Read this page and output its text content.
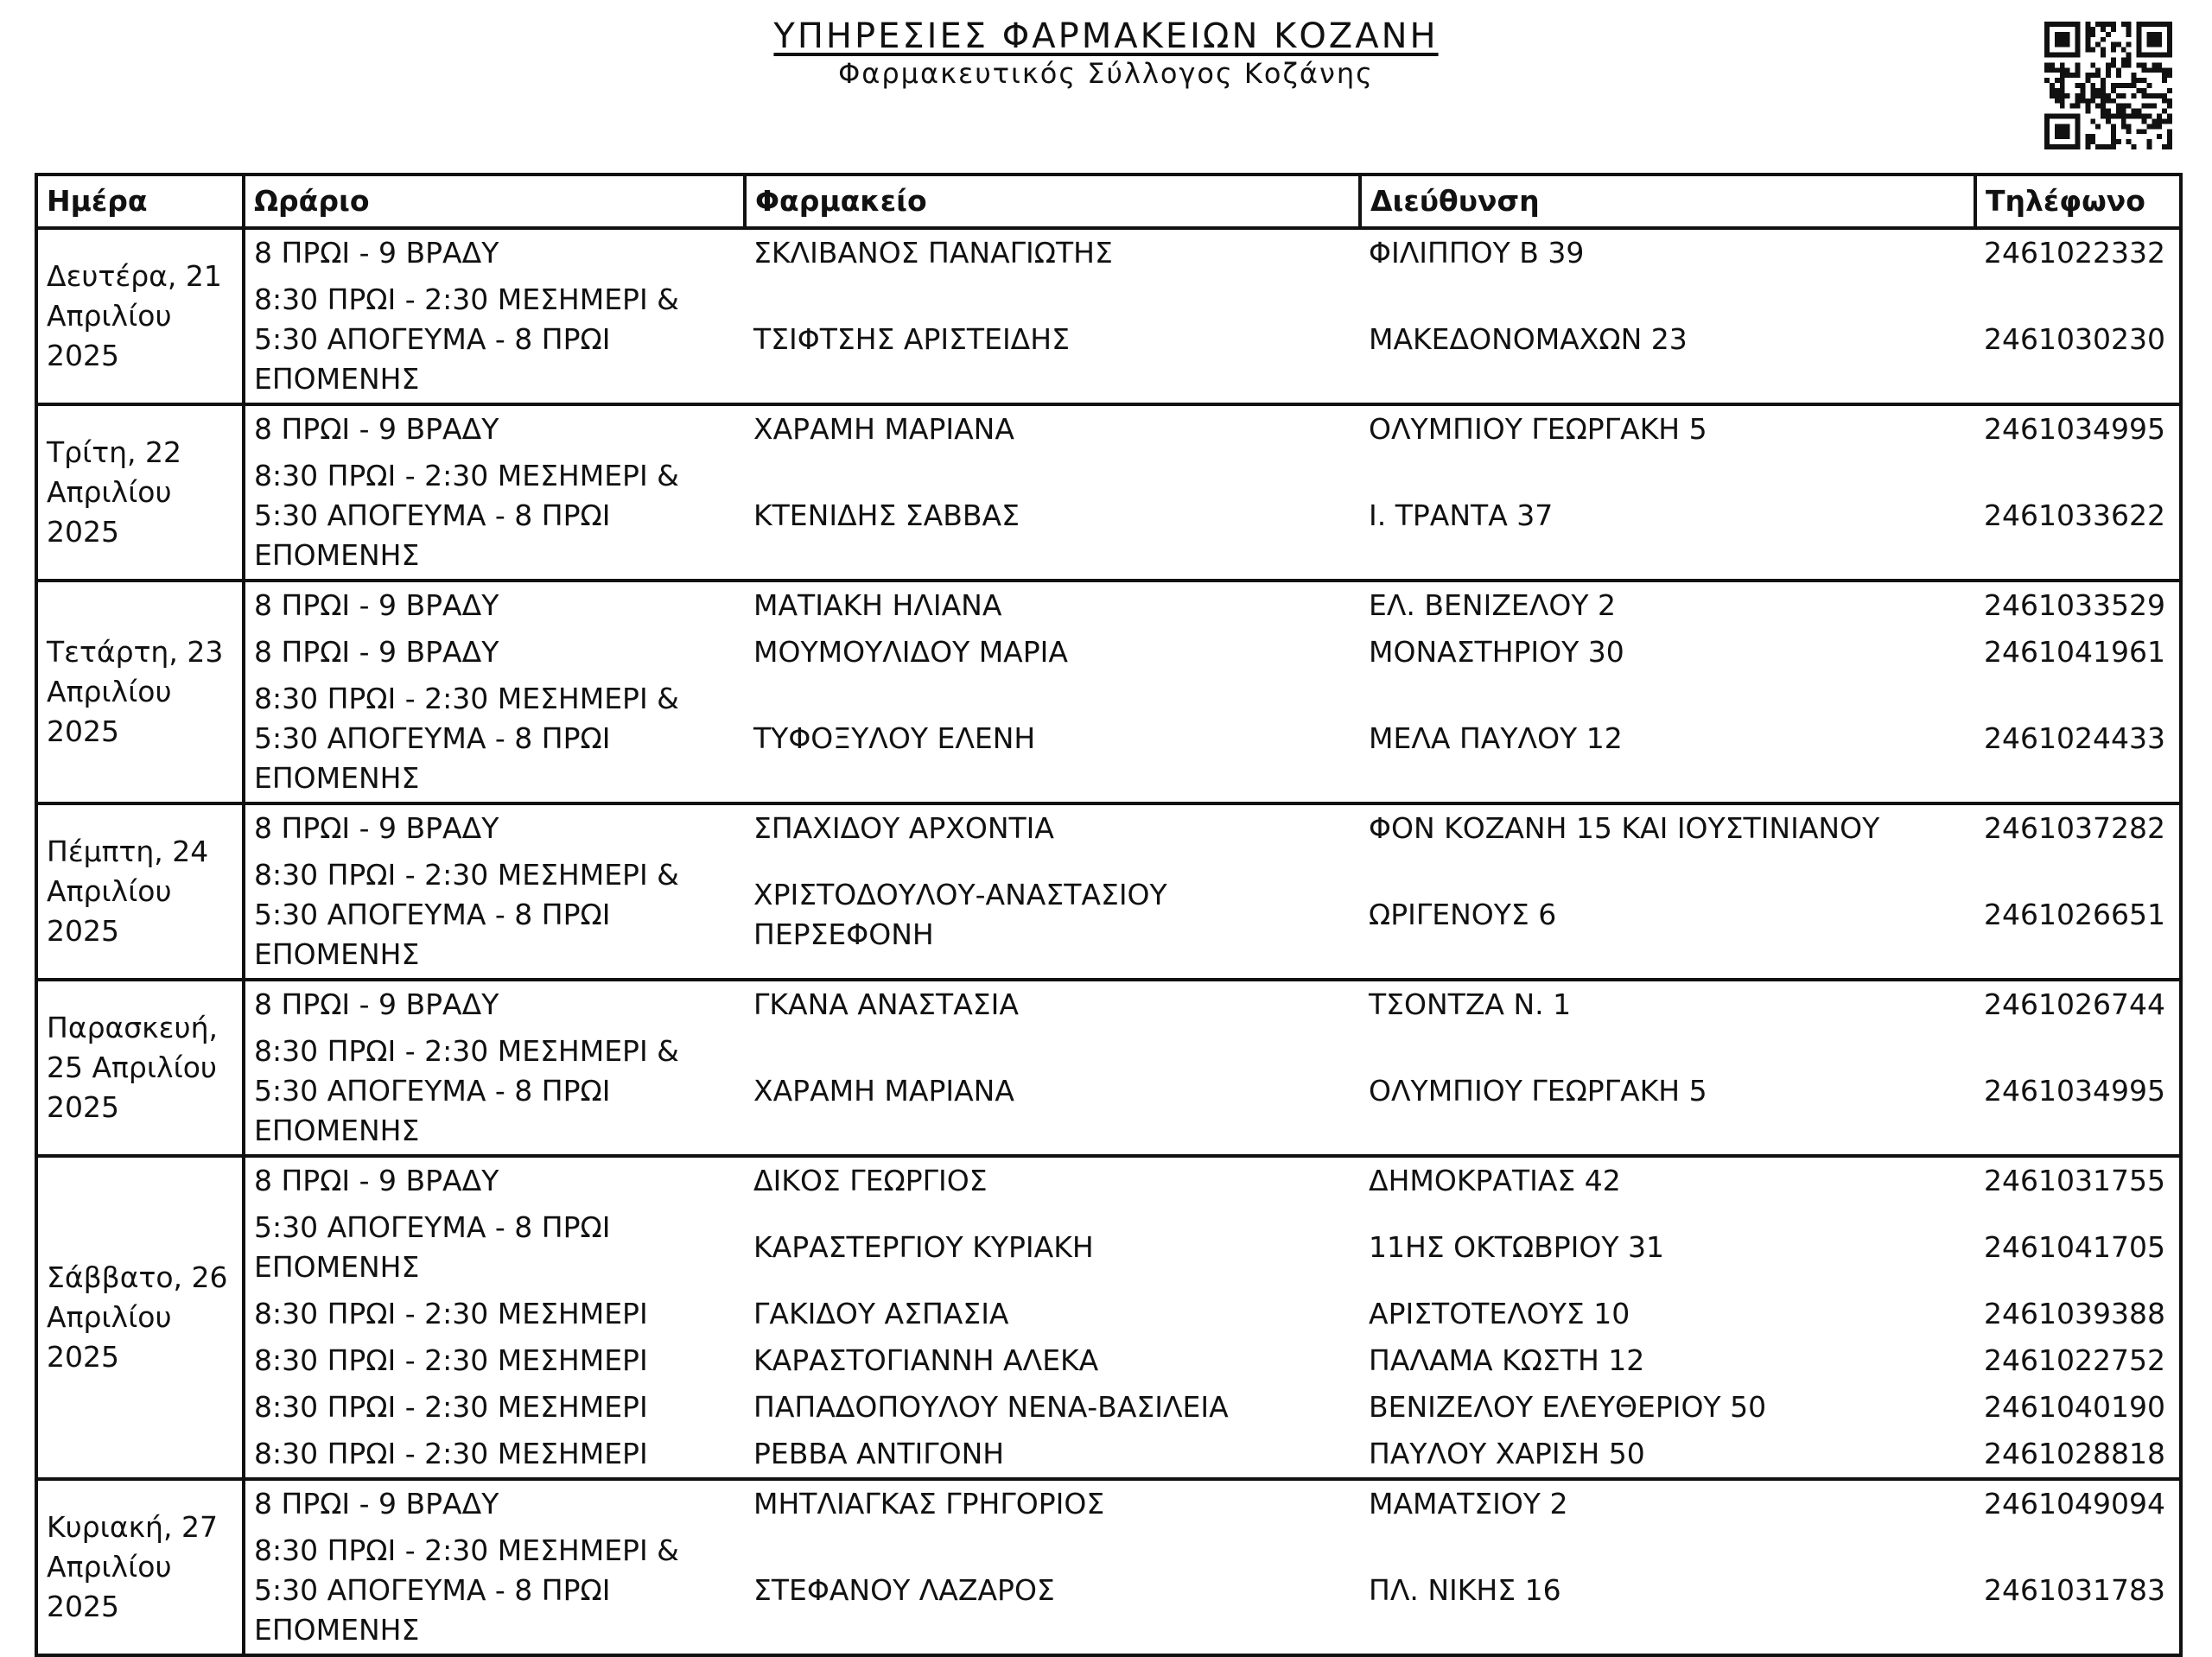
ΥΠΗΡΕΣΙΕΣ ΦΑΡΜΑΚΕΙΩΝ ΚΟΖΑΝΗ
Φαρμακευτικός Σύλλογος Κοζάνης
Ημέρα	Ωράριο	Φαρμακείο	Διεύθυνση	Τηλέφωνο
Δευτέρα, 21 Απριλίου 2025	8 ΠΡΩΙ - 9 ΒΡΑΔΥ	ΣΚΛΙΒΑΝΟΣ ΠΑΝΑΓΙΩΤΗΣ	ΦΙΛΙΠΠΟΥ Β 39	2461022332
	8:30 ΠΡΩΙ - 2:30 ΜΕΣΗΜΕΡΙ & 5:30 ΑΠΟΓΕΥΜΑ - 8 ΠΡΩΙ ΕΠΟΜΕΝΗΣ	ΤΣΙΦΤΣΗΣ ΑΡΙΣΤΕΙΔΗΣ	ΜΑΚΕΔΟΝΟΜΑΧΩΝ 23	2461030230
Τρίτη, 22 Απριλίου 2025	8 ΠΡΩΙ - 9 ΒΡΑΔΥ	ΧΑΡΑΜΗ ΜΑΡΙΑΝΑ	ΟΛΥΜΠΙΟΥ ΓΕΩΡΓΑΚΗ 5	2461034995
	8:30 ΠΡΩΙ - 2:30 ΜΕΣΗΜΕΡΙ & 5:30 ΑΠΟΓΕΥΜΑ - 8 ΠΡΩΙ ΕΠΟΜΕΝΗΣ	ΚΤΕΝΙΔΗΣ ΣΑΒΒΑΣ	Ι. ΤΡΑΝΤΑ 37	2461033622
Τετάρτη, 23 Απριλίου 2025	8 ΠΡΩΙ - 9 ΒΡΑΔΥ	ΜΑΤΙΑΚΗ ΗΛΙΑΝΑ	ΕΛ. ΒΕΝΙΖΕΛΟΥ 2	2461033529
	8 ΠΡΩΙ - 9 ΒΡΑΔΥ	ΜΟΥΜΟΥΛΙΔΟΥ ΜΑΡΙΑ	ΜΟΝΑΣΤΗΡΙΟΥ 30	2461041961
	8:30 ΠΡΩΙ - 2:30 ΜΕΣΗΜΕΡΙ & 5:30 ΑΠΟΓΕΥΜΑ - 8 ΠΡΩΙ ΕΠΟΜΕΝΗΣ	ΤΥΦΟΞΥΛΟΥ ΕΛΕΝΗ	ΜΕΛΑ ΠΑΥΛΟΥ 12	2461024433
Πέμπτη, 24 Απριλίου 2025	8 ΠΡΩΙ - 9 ΒΡΑΔΥ	ΣΠΑΧΙΔΟΥ ΑΡΧΟΝΤΙΑ	ΦΟΝ ΚΟΖΑΝΗ 15 ΚΑΙ ΙΟΥΣΤΙΝΙΑΝΟΥ	2461037282
	8:30 ΠΡΩΙ - 2:30 ΜΕΣΗΜΕΡΙ & 5:30 ΑΠΟΓΕΥΜΑ - 8 ΠΡΩΙ ΕΠΟΜΕΝΗΣ	ΧΡΙΣΤΟΔΟΥΛΟΥ-ΑΝΑΣΤΑΣΙΟΥ ΠΕΡΣΕΦΟΝΗ	ΩΡΙΓΕΝΟΥΣ 6	2461026651
Παρασκευή, 25 Απριλίου 2025	8 ΠΡΩΙ - 9 ΒΡΑΔΥ	ΓΚΑΝΑ ΑΝΑΣΤΑΣΙΑ	ΤΣΟΝΤΖΑ Ν. 1	2461026744
	8:30 ΠΡΩΙ - 2:30 ΜΕΣΗΜΕΡΙ & 5:30 ΑΠΟΓΕΥΜΑ - 8 ΠΡΩΙ ΕΠΟΜΕΝΗΣ	ΧΑΡΑΜΗ ΜΑΡΙΑΝΑ	ΟΛΥΜΠΙΟΥ ΓΕΩΡΓΑΚΗ 5	2461034995
Σάββατο, 26 Απριλίου 2025	8 ΠΡΩΙ - 9 ΒΡΑΔΥ	ΔΙΚΟΣ ΓΕΩΡΓΙΟΣ	ΔΗΜΟΚΡΑΤΙΑΣ 42	2461031755
	5:30 ΑΠΟΓΕΥΜΑ - 8 ΠΡΩΙ ΕΠΟΜΕΝΗΣ	ΚΑΡΑΣΤΕΡΓΙΟΥ ΚΥΡΙΑΚΗ	11ΗΣ ΟΚΤΩΒΡΙΟΥ 31	2461041705
	8:30 ΠΡΩΙ - 2:30 ΜΕΣΗΜΕΡΙ	ΓΑΚΙΔΟΥ ΑΣΠΑΣΙΑ	ΑΡΙΣΤΟΤΕΛΟΥΣ 10	2461039388
	8:30 ΠΡΩΙ - 2:30 ΜΕΣΗΜΕΡΙ	ΚΑΡΑΣΤΟΓΙΑΝΝΗ ΑΛΕΚΑ	ΠΑΛΑΜΑ ΚΩΣΤΗ 12	2461022752
	8:30 ΠΡΩΙ - 2:30 ΜΕΣΗΜΕΡΙ	ΠΑΠΑΔΟΠΟΥΛΟΥ ΝΕΝΑ-ΒΑΣΙΛΕΙΑ	ΒΕΝΙΖΕΛΟΥ ΕΛΕΥΘΕΡΙΟΥ 50	2461040190
	8:30 ΠΡΩΙ - 2:30 ΜΕΣΗΜΕΡΙ	ΡΕΒΒΑ ΑΝΤΙΓΟΝΗ	ΠΑΥΛΟΥ ΧΑΡΙΣΗ 50	2461028818
Κυριακή, 27 Απριλίου 2025	8 ΠΡΩΙ - 9 ΒΡΑΔΥ	ΜΗΤΛΙΑΓΚΑΣ ΓΡΗΓΟΡΙΟΣ	ΜΑΜΑΤΣΙΟΥ 2	2461049094
	8:30 ΠΡΩΙ - 2:30 ΜΕΣΗΜΕΡΙ & 5:30 ΑΠΟΓΕΥΜΑ - 8 ΠΡΩΙ ΕΠΟΜΕΝΗΣ	ΣΤΕΦΑΝΟΥ ΛΑΖΑΡΟΣ	ΠΛ. ΝΙΚΗΣ 16	2461031783
